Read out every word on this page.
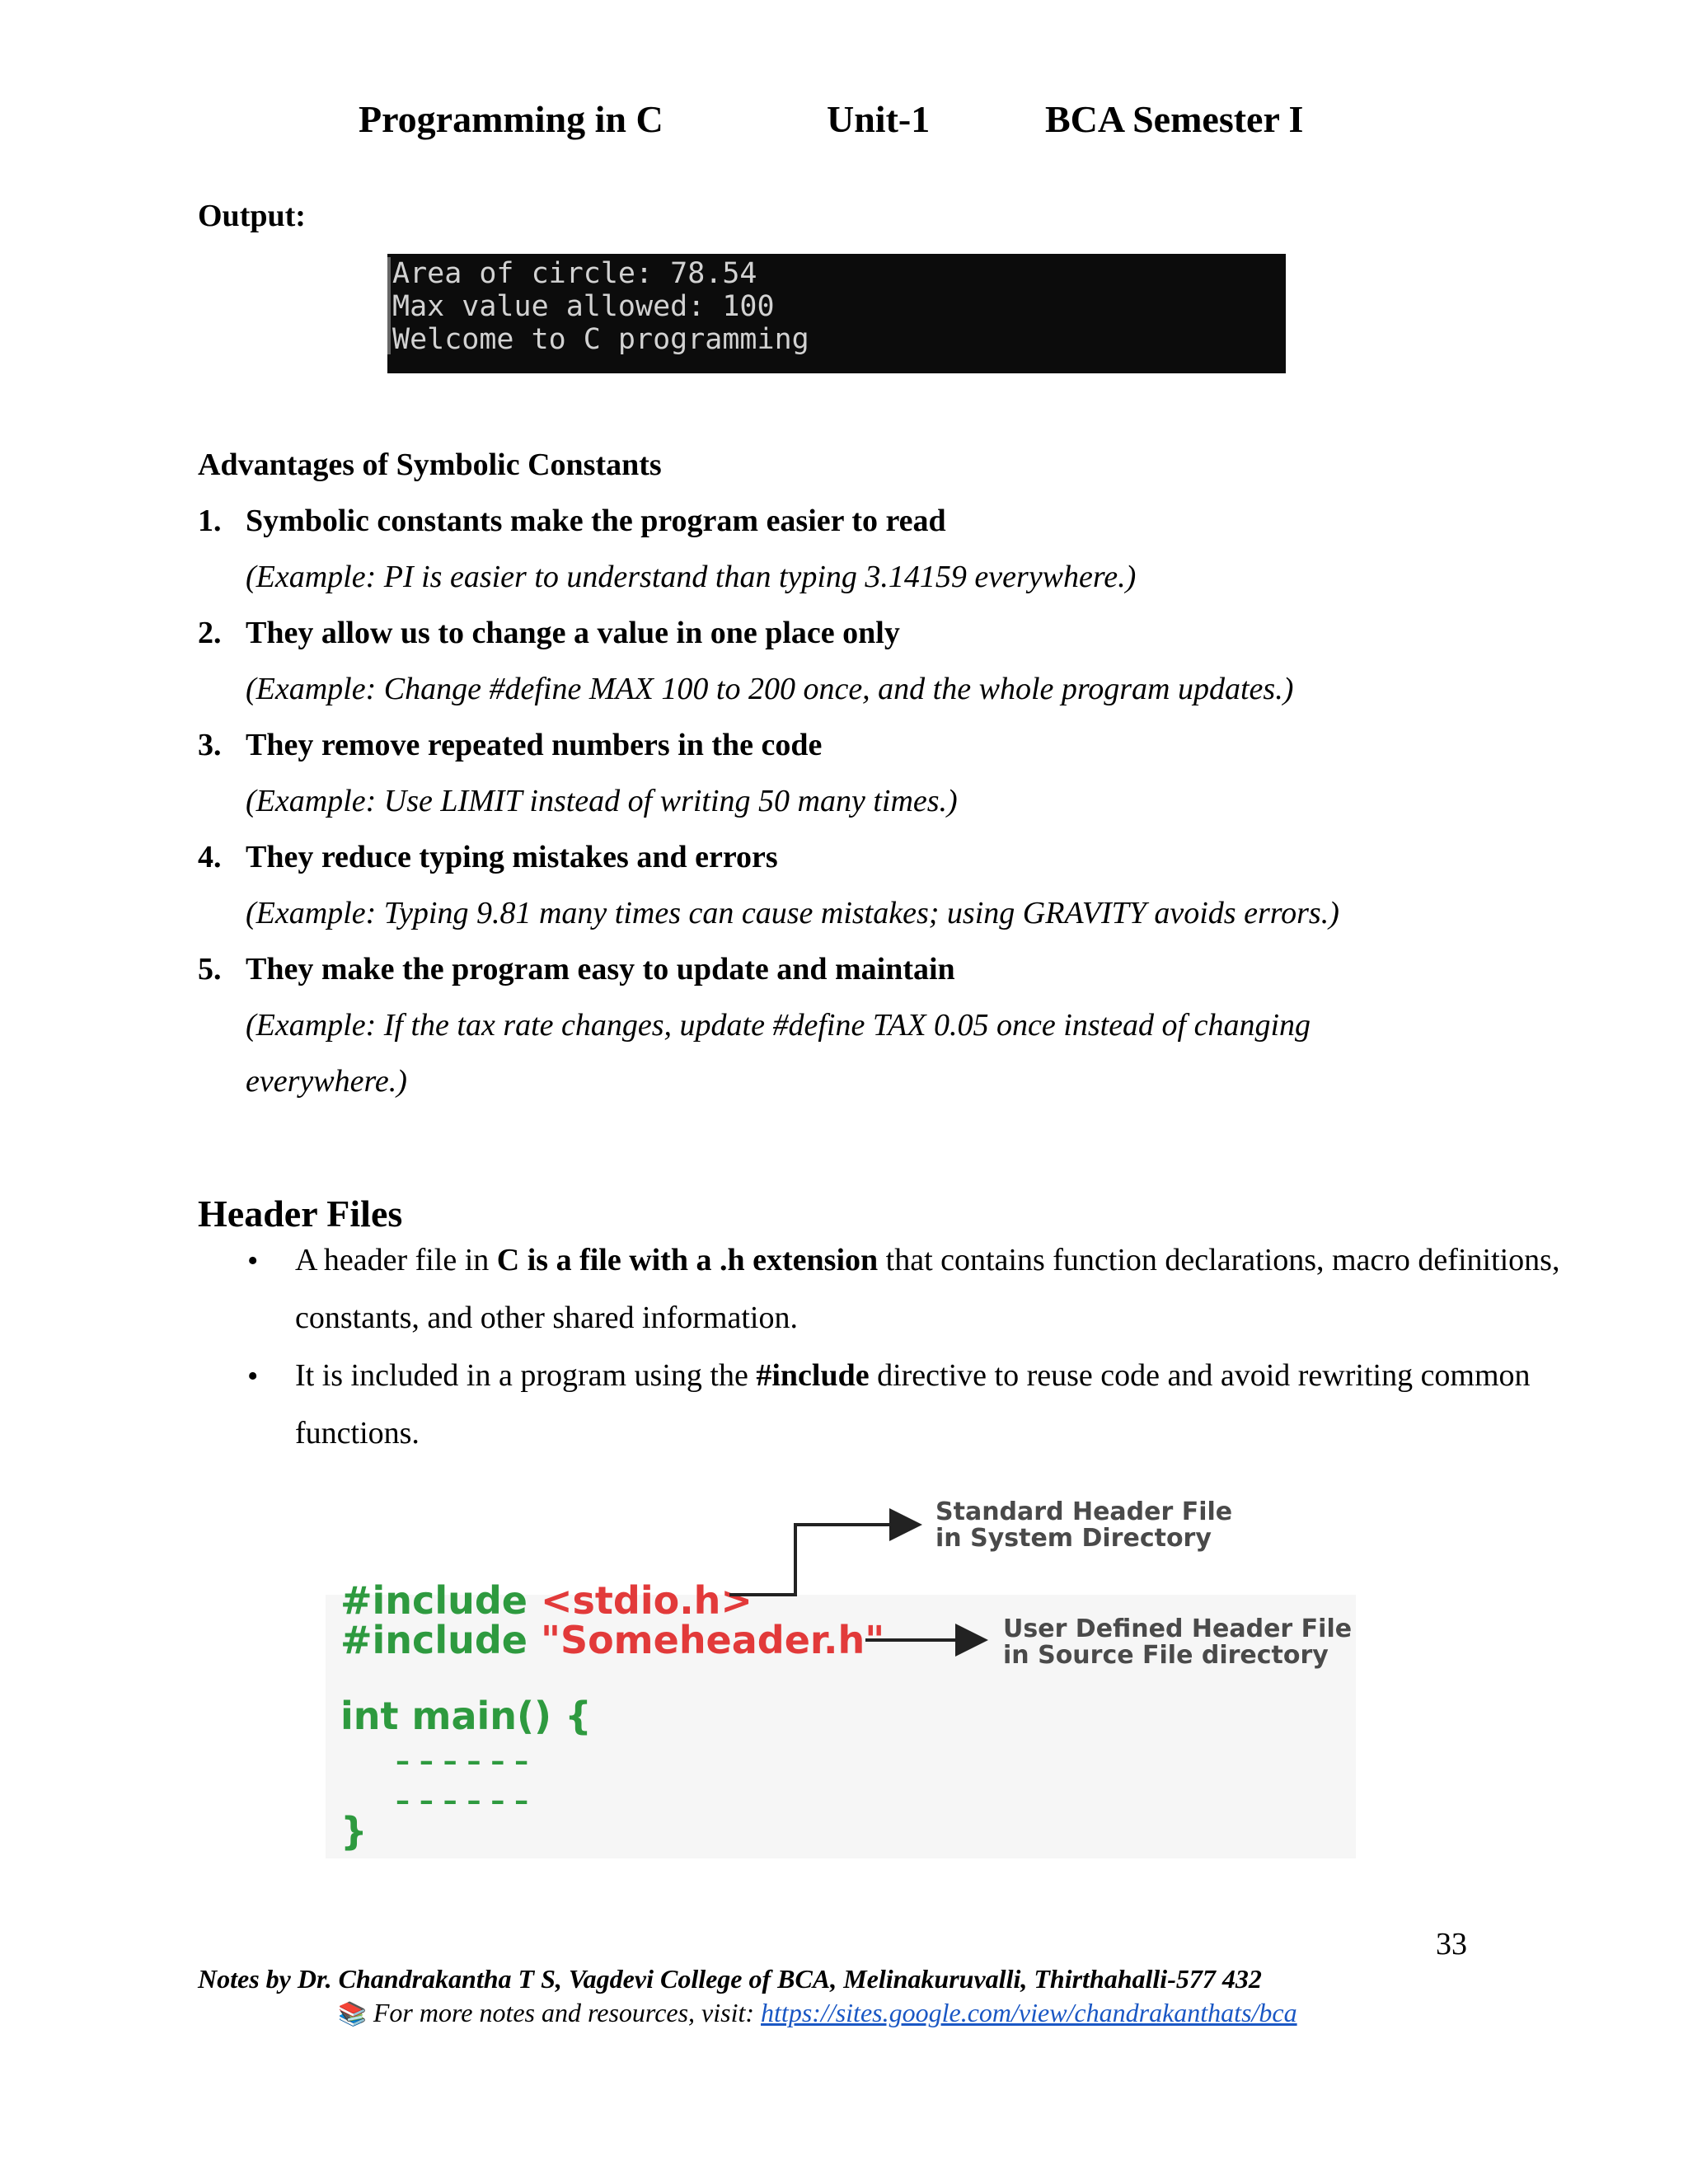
Programming in C	Unit-1	BCA Semester I
Output:
Area of circle: 78.54
Max value allowed: 100
Welcome to C programming
Advantages of Symbolic Constants
1. Symbolic constants make the program easier to read
(Example: PI is easier to understand than typing 3.14159 everywhere.)
2. They allow us to change a value in one place only
(Example: Change #define MAX 100 to 200 once, and the whole program updates.)
3. They remove repeated numbers in the code
(Example: Use LIMIT instead of writing 50 many times.)
4. They reduce typing mistakes and errors
(Example: Typing 9.81 many times can cause mistakes; using GRAVITY avoids errors.)
5. They make the program easy to update and maintain
(Example: If the tax rate changes, update #define TAX 0.05 once instead of changing
everywhere.)
Header Files
• A header file in C is a file with a .h extension that contains function declarations, macro definitions, constants, and other shared information.
• It is included in a program using the #include directive to reuse code and avoid rewriting common functions.
#include <stdio.h>
#include "Someheader.h"
int main() {
– – – – – –
– – – – – –
}
Standard Header File
in System Directory
User Defined Header File
in Source File directory
33
Notes by Dr. Chandrakantha T S, Vagdevi College of BCA, Melinakuruvalli, Thirthahalli-577 432
📚 For more notes and resources, visit: https://sites.google.com/view/chandrakanthats/bca
